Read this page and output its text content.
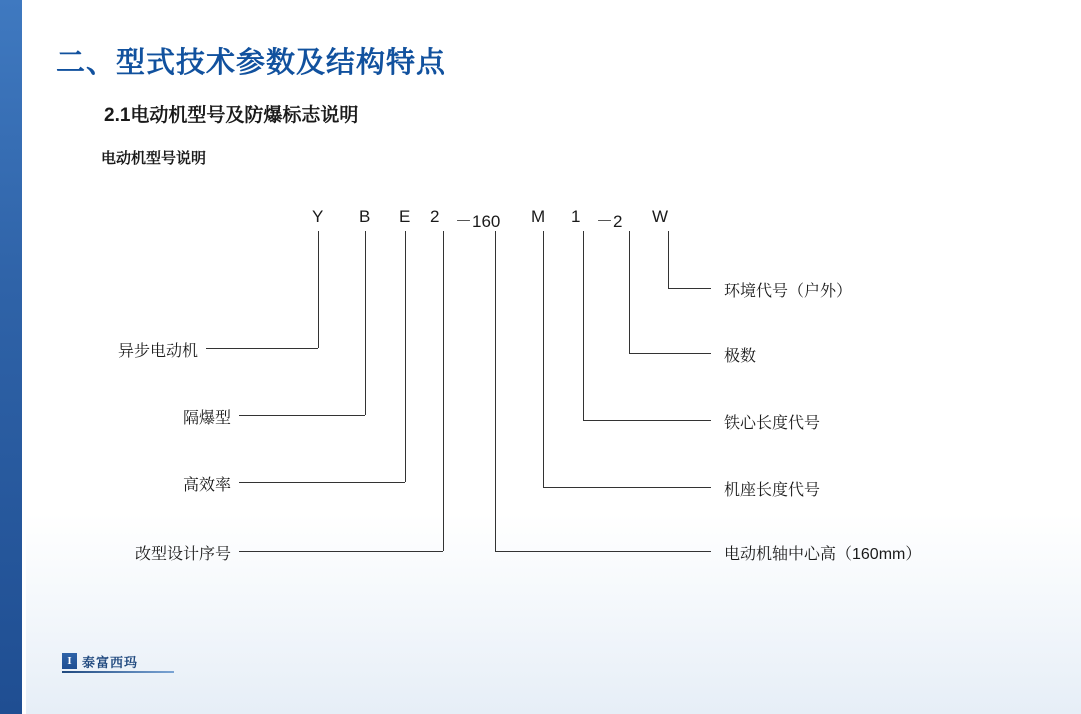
二、型式技术参数及结构特点
2.1电动机型号及防爆标志说明
电动机型号说明
Y B E 2 －160 M 1 －2 W
异步电动机
隔爆型
高效率
改型设计序号
环境代号（户外）
极数
铁心长度代号
机座长度代号
电动机轴中心高（160mm）
I 泰富西玛
